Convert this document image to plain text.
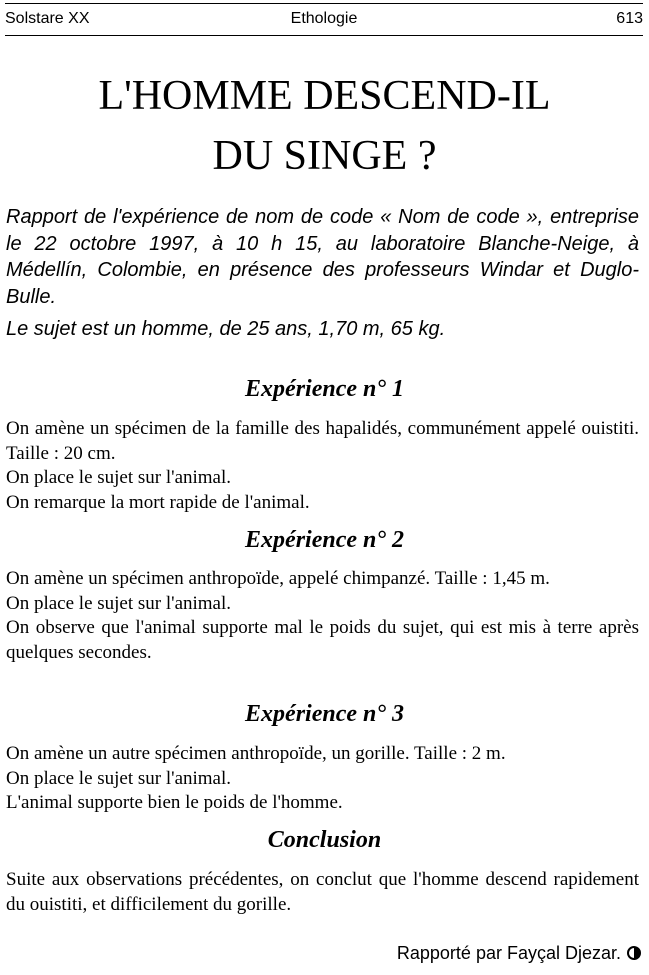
Solstare XX	Ethologie	613
L'HOMME DESCEND-IL
DU SINGE ?

Rapport de l'expérience de nom de code « Nom de code », entreprise le 22 octobre 1997, à 10 h 15, au laboratoire Blanche-Neige, à Médellín, Colombie, en présence des professeurs Windar et Duglo-Bulle.

Le sujet est un homme, de 25 ans, 1,70 m, 65 kg.

Expérience n° 1

On amène un spécimen de la famille des hapalidés, communément appelé ouistiti. Taille : 20 cm.

On place le sujet sur l'animal.

On remarque la mort rapide de l'animal.

Expérience n° 2

On amène un spécimen anthropoïde, appelé chimpanzé. Taille : 1,45 m.

On place le sujet sur l'animal.

On observe que l'animal supporte mal le poids du sujet, qui est mis à terre après quelques secondes.

Expérience n° 3

On amène un autre spécimen anthropoïde, un gorille. Taille : 2 m.

On place le sujet sur l'animal.

L'animal supporte bien le poids de l'homme.

Conclusion

Suite aux observations précédentes, on conclut que l'homme descend rapidement du ouistiti, et difficilement du gorille.

Rapporté par Fayçal Djezar.
